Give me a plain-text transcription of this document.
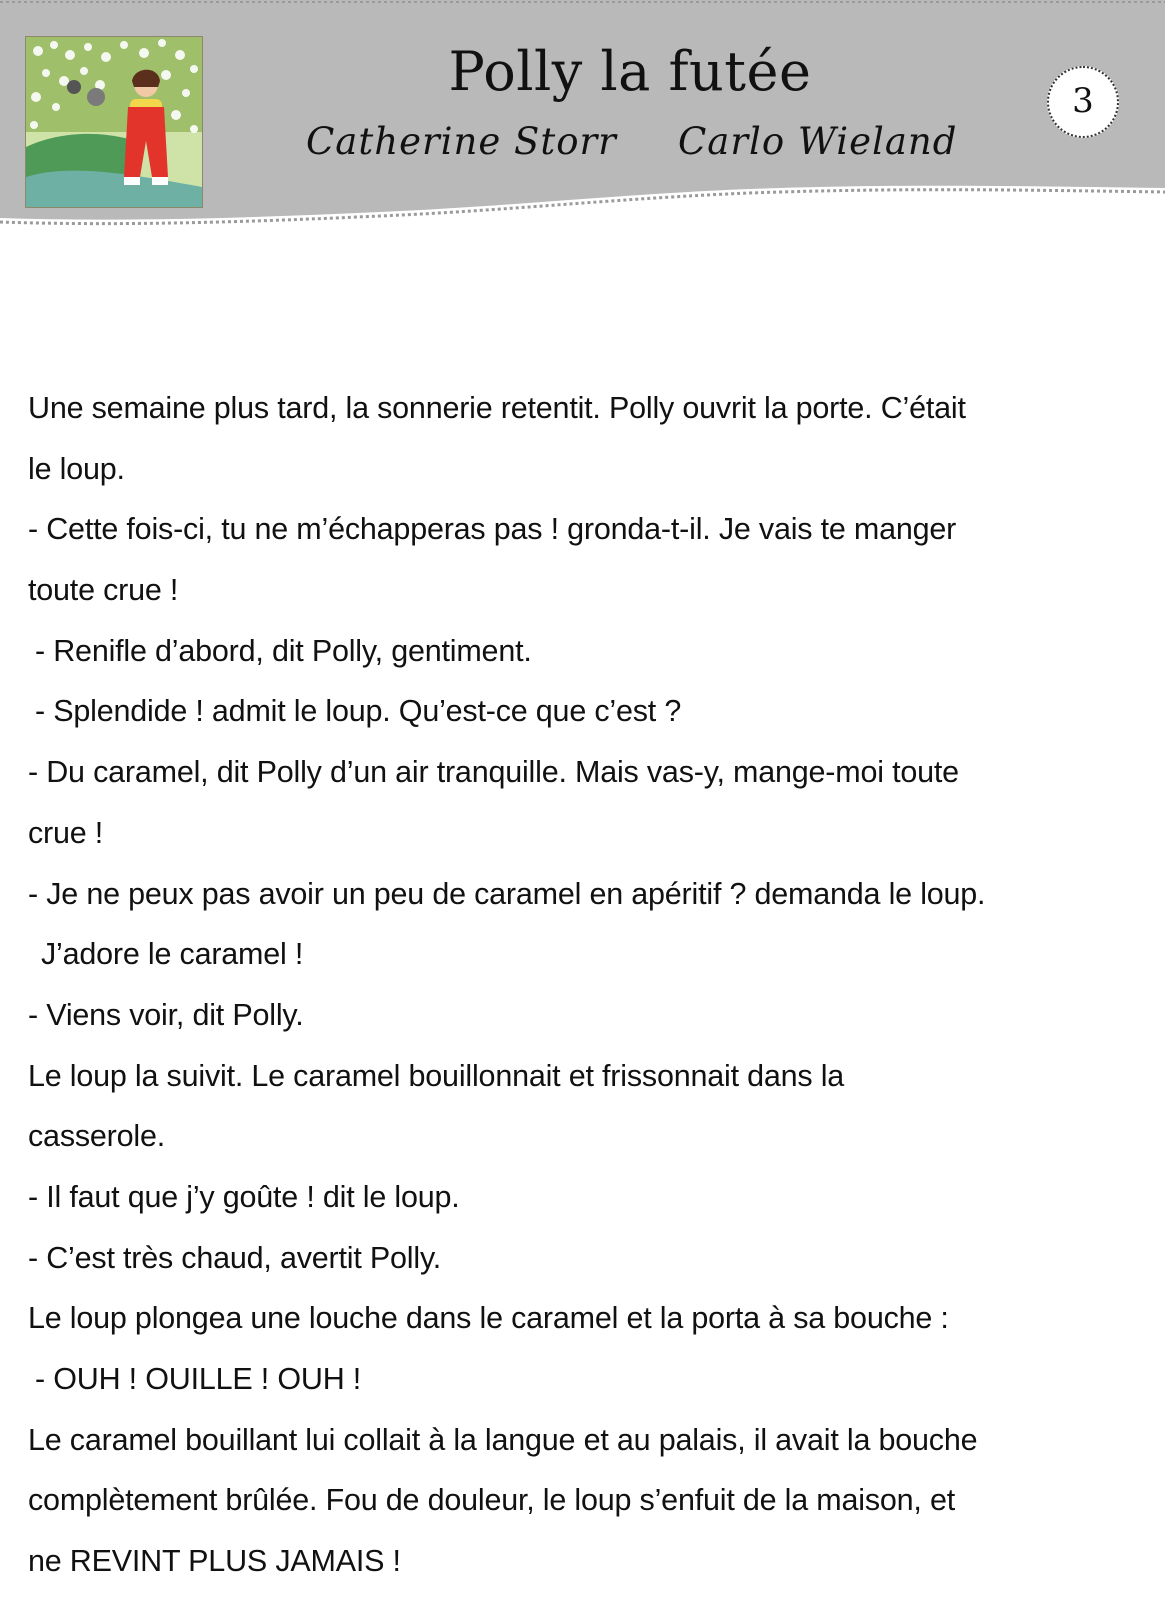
Polly la futée
Catherine Storr Carlo Wieland
3
Une semaine plus tard, la sonnerie retentit. Polly ouvrit la porte. C’était
le loup.
- Cette fois-ci, tu ne m’échapperas pas ! gronda-t-il. Je vais te manger
toute crue !
- Renifle d’abord, dit Polly, gentiment.
- Splendide ! admit le loup. Qu’est-ce que c’est ?
- Du caramel, dit Polly d’un air tranquille. Mais vas-y, mange-moi toute
crue !
- Je ne peux pas avoir un peu de caramel en apéritif ? demanda le loup.
J’adore le caramel !
- Viens voir, dit Polly.
Le loup la suivit. Le caramel bouillonnait et frissonnait dans la
casserole.
- Il faut que j’y goûte ! dit le loup.
- C’est très chaud, avertit Polly.
Le loup plongea une louche dans le caramel et la porta à sa bouche :
- OUH ! OUILLE ! OUH !
Le caramel bouillant lui collait à la langue et au palais, il avait la bouche
complètement brûlée. Fou de douleur, le loup s’enfuit de la maison, et
ne REVINT PLUS JAMAIS !
